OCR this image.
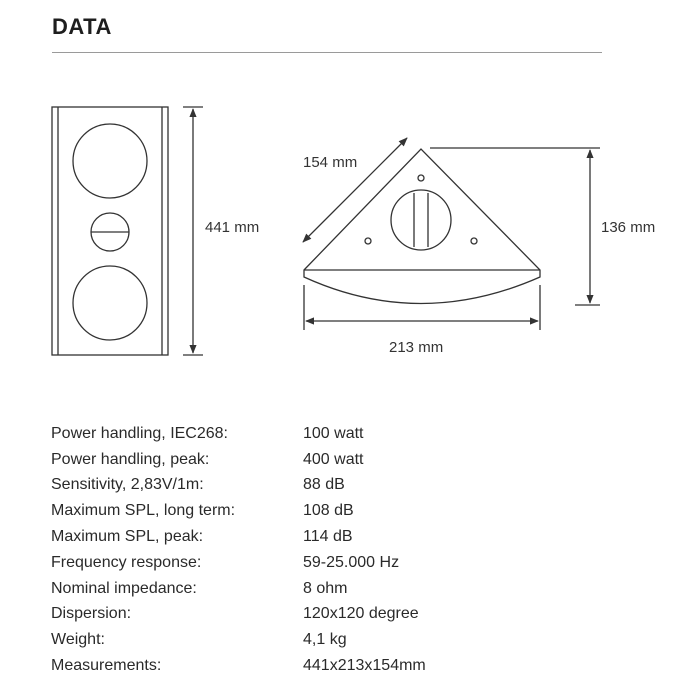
DATA
441 mm
154 mm
136 mm
213 mm
Power handling, IEC268:	100 watt
Power handling, peak:	400 watt
Sensitivity, 2,83V/1m:	88 dB
Maximum SPL, long term:	108 dB
Maximum SPL, peak:	114 dB
Frequency response:	59-25.000 Hz
Nominal impedance:	8 ohm
Dispersion:	120x120 degree
Weight:	4,1 kg
Measurements:	441x213x154mm
